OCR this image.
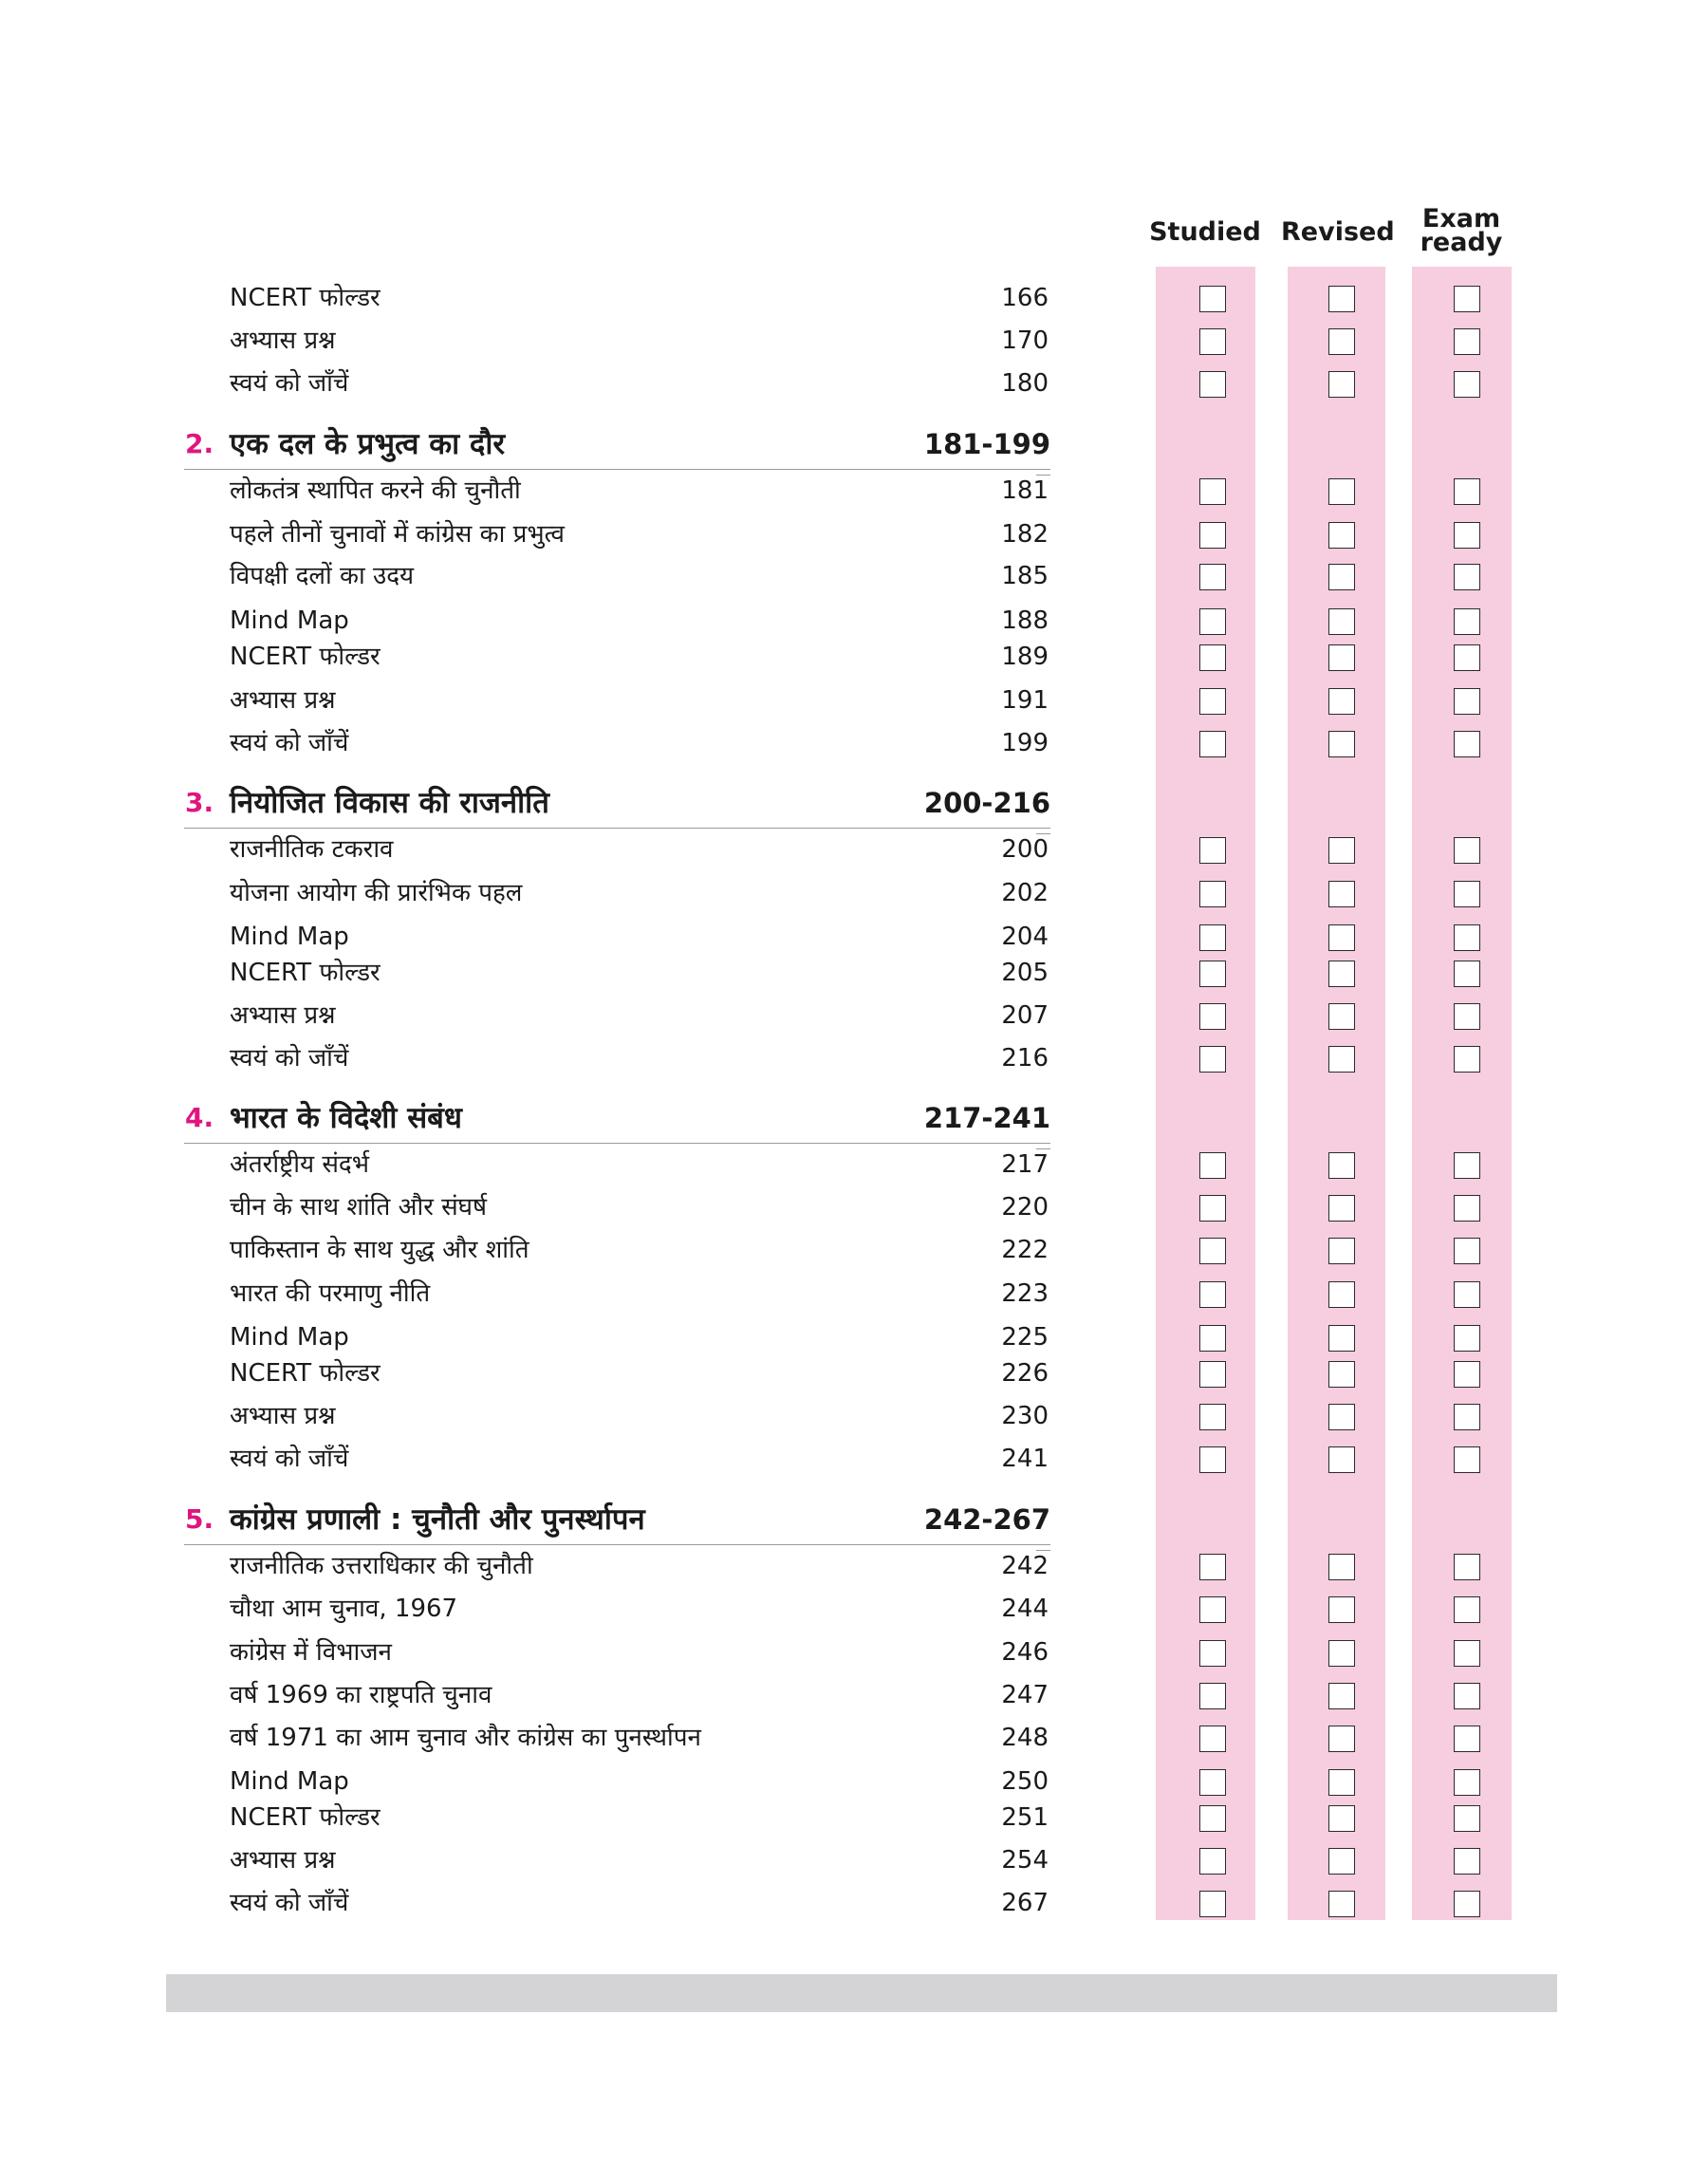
Studied Revised	Exam
ready
NCERT फोल्डर	166
अभ्यास प्रश्न	170
स्वयं को जाँचें	180
2. एक दल के प्रभुत्व का दौर	181-199
लोकतंत्र स्थापित करने की चुनौती	181
पहले तीनों चुनावों में कांग्रेस का प्रभुत्व	182
विपक्षी दलों का उदय	185
Mind Map	188
NCERT फोल्डर	189
अभ्यास प्रश्न	191
स्वयं को जाँचें	199
3. नियोजित विकास की राजनीति	200-216
राजनीतिक टकराव	200
योजना आयोग की प्रारंभिक पहल	202
Mind Map	204
NCERT फोल्डर	205
अभ्यास प्रश्न	207
स्वयं को जाँचें	216
4. भारत के विदेशी संबंध	217-241
अंतर्राष्ट्रीय संदर्भ	217
चीन के साथ शांति और संघर्ष	220
पाकिस्तान के साथ युद्ध और शांति	222
भारत की परमाणु नीति	223
Mind Map	225
NCERT फोल्डर	226
अभ्यास प्रश्न	230
स्वयं को जाँचें	241
5. कांग्रेस प्रणाली : चुनौती और पुनर्स्थापन	242-267
राजनीतिक उत्तराधिकार की चुनौती	242
चौथा आम चुनाव, 1967	244
कांग्रेस में विभाजन	246
वर्ष 1969 का राष्ट्रपति चुनाव	247
वर्ष 1971 का आम चुनाव और कांग्रेस का पुनर्स्थापन	248
Mind Map	250
NCERT फोल्डर	251
अभ्यास प्रश्न	254
स्वयं को जाँचें	267
